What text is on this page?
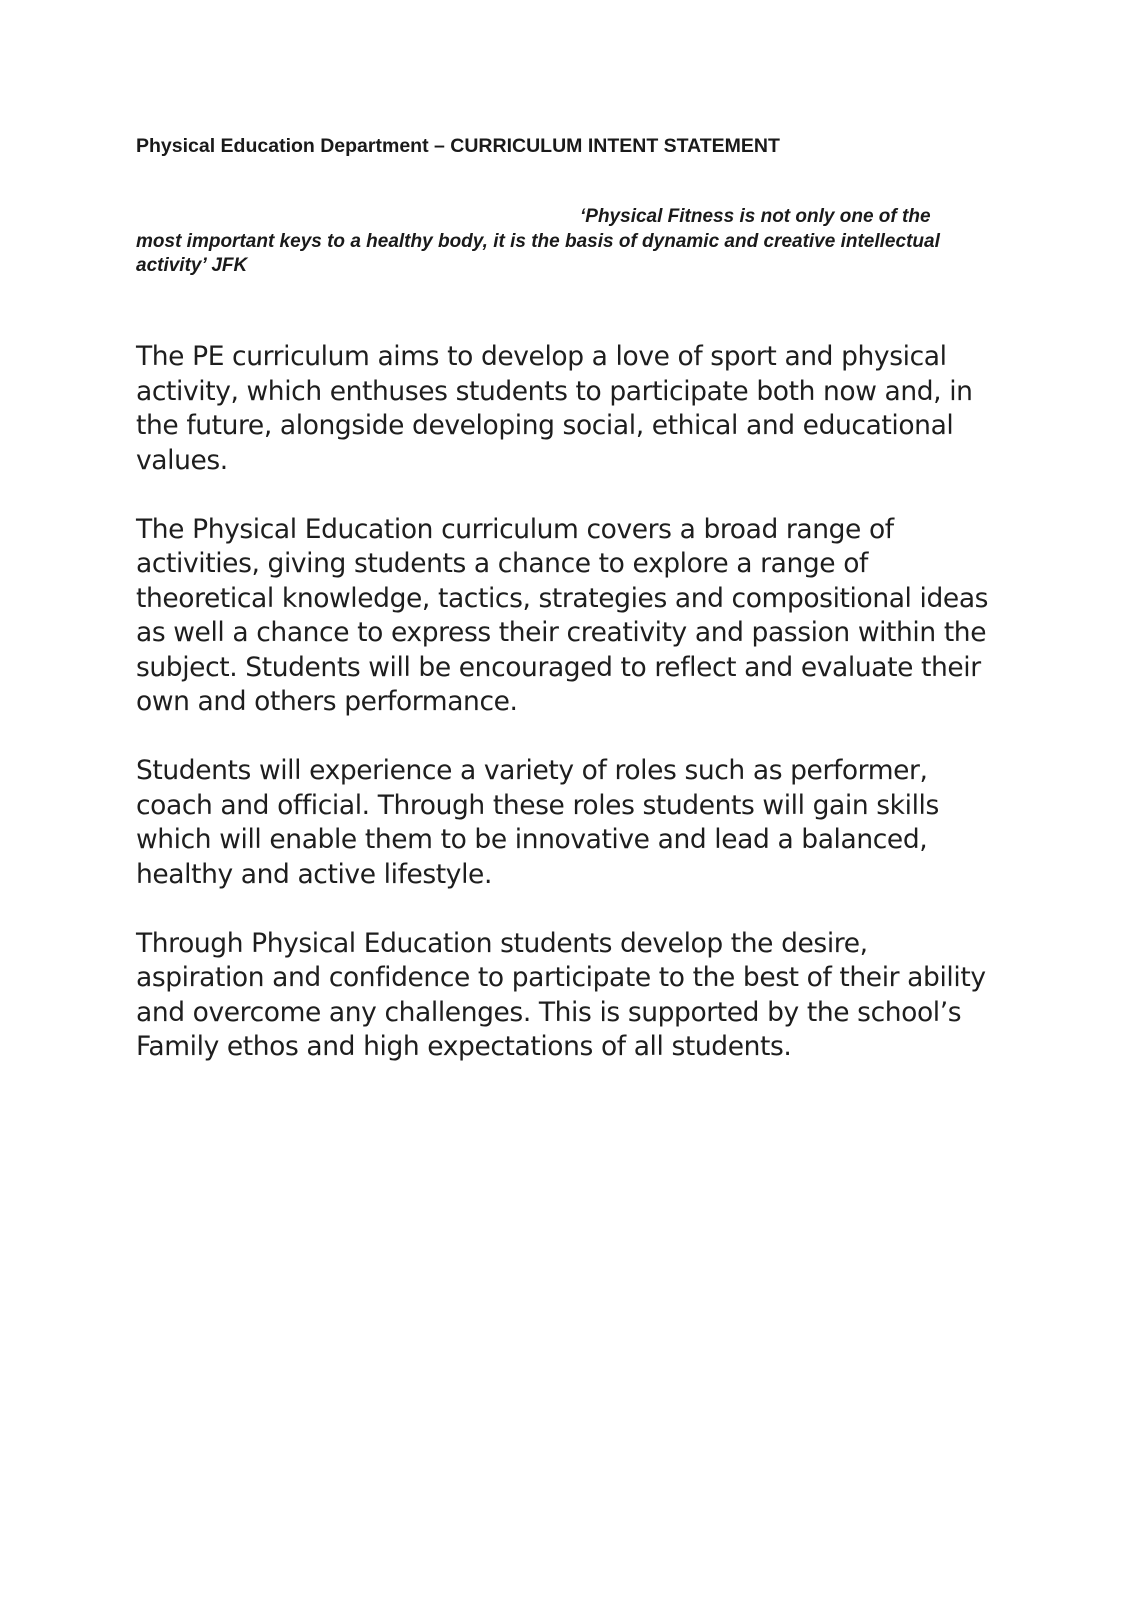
Physical Education Department – CURRICULUM INTENT STATEMENT

‘Physical Fitness is not only one of the most important keys to a healthy body, it is the basis of dynamic and creative intellectual activity’ JFK

The PE curriculum aims to develop a love of sport and physical activity, which enthuses students to participate both now and, in the future, alongside developing social, ethical and educational values.

The Physical Education curriculum covers a broad range of activities, giving students a chance to explore a range of theoretical knowledge, tactics, strategies and compositional ideas as well a chance to express their creativity and passion within the subject. Students will be encouraged to reflect and evaluate their own and others performance.

Students will experience a variety of roles such as performer, coach and official. Through these roles students will gain skills which will enable them to be innovative and lead a balanced, healthy and active lifestyle.

Through Physical Education students develop the desire, aspiration and confidence to participate to the best of their ability and overcome any challenges. This is supported by the school’s Family ethos and high expectations of all students.
